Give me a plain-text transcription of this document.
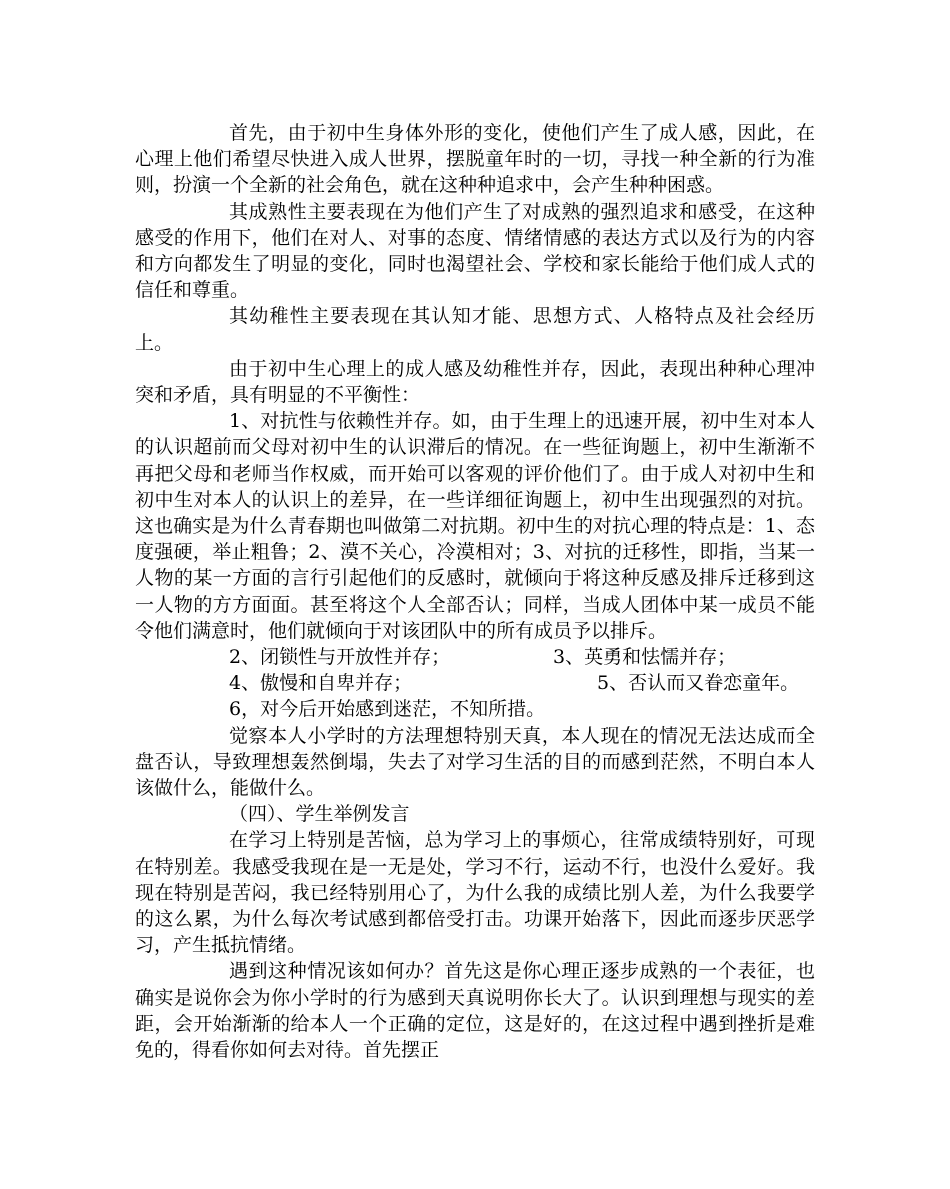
首先，由于初中生身体外形的变化，使他们产生了成人感，因此，在心理上他们希望尽快进入成人世界，摆脱童年时的一切，寻找一种全新的行为准则，扮演一个全新的社会角色，就在这种种追求中，会产生种种困惑。

其成熟性主要表现在为他们产生了对成熟的强烈追求和感受，在这种感受的作用下，他们在对人、对事的态度、情绪情感的表达方式以及行为的内容和方向都发生了明显的变化，同时也渴望社会、学校和家长能给于他们成人式的信任和尊重。

其幼稚性主要表现在其认知才能、思想方式、人格特点及社会经历上。

由于初中生心理上的成人感及幼稚性并存，因此，表现出种种心理冲突和矛盾，具有明显的不平衡性：

1、对抗性与依赖性并存。如，由于生理上的迅速开展，初中生对本人的认识超前而父母对初中生的认识滞后的情况。在一些征询题上，初中生渐渐不再把父母和老师当作权威，而开始可以客观的评价他们了。由于成人对初中生和初中生对本人的认识上的差异，在一些详细征询题上，初中生出现强烈的对抗。这也确实是为什么青春期也叫做第二对抗期。初中生的对抗心理的特点是：1、态度强硬，举止粗鲁；2、漠不关心，冷漠相对；3、对抗的迁移性，即指，当某一人物的某一方面的言行引起他们的反感时，就倾向于将这种反感及排斥迁移到这一人物的方方面面。甚至将这个人全部否认；同样，当成人团体中某一成员不能令他们满意时，他们就倾向于对该团队中的所有成员予以排斥。

2、闭锁性与开放性并存；	3、英勇和怯懦并存；
4、傲慢和自卑并存；	5、否认而又眷恋童年。

6，对今后开始感到迷茫，不知所措。

觉察本人小学时的方法理想特别天真，本人现在的情况无法达成而全盘否认，导致理想轰然倒塌，失去了对学习生活的目的而感到茫然，不明白本人该做什么，能做什么。

（四）、学生举例发言

在学习上特别是苦恼，总为学习上的事烦心，往常成绩特别好，可现在特别差。我感受我现在是一无是处，学习不行，运动不行，也没什么爱好。我现在特别是苦闷，我已经特别用心了，为什么我的成绩比别人差，为什么我要学的这么累，为什么每次考试感到都倍受打击。功课开始落下，因此而逐步厌恶学习，产生抵抗情绪。

遇到这种情况该如何办？首先这是你心理正逐步成熟的一个表征，也确实是说你会为你小学时的行为感到天真说明你长大了。认识到理想与现实的差距，会开始渐渐的给本人一个正确的定位，这是好的，在这过程中遇到挫折是难免的，得看你如何去对待。首先摆正
